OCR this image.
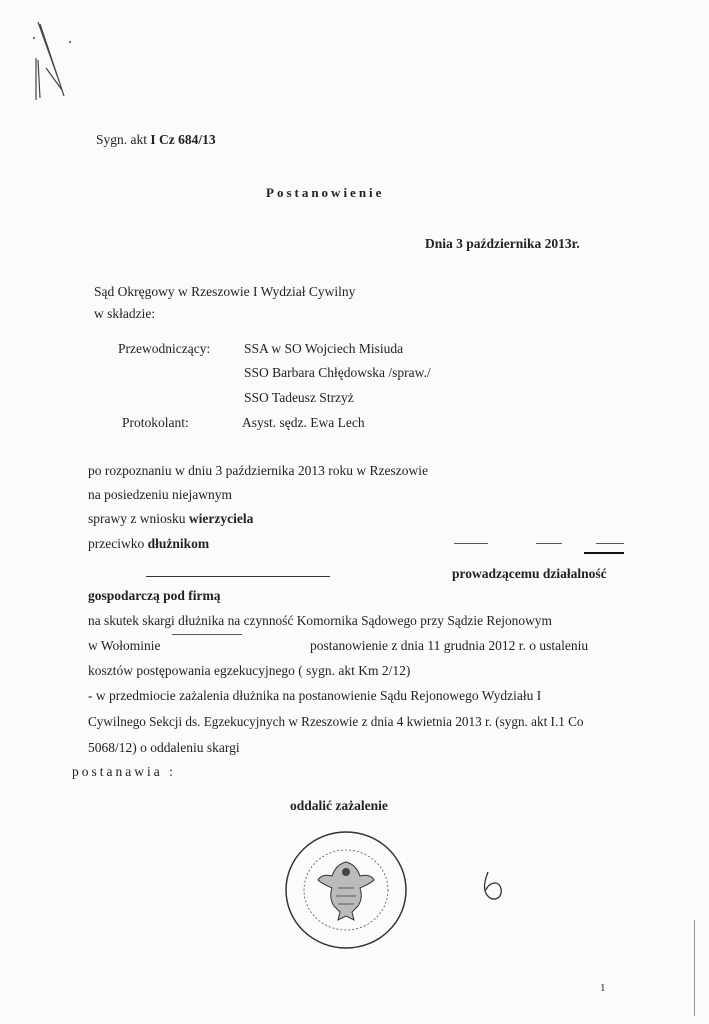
Sygn. akt I Cz 684/13
Postanowienie
Dnia 3 października 2013r.
Sąd Okręgowy w Rzeszowie I Wydział Cywilny
w składzie:
Przewodniczący:	SSA w SO Wojciech Misiuda
SSO Barbara Chłędowska /spraw./
SSO Tadeusz Strzyż
Protokolant:	Asyst. sędz. Ewa Lech
po rozpoznaniu w dniu 3 października 2013 roku w Rzeszowie
na posiedzeniu niejawnym
sprawy z wniosku wierzyciela
przeciwko dłużnikom
prowadzącemu działalność
gospodarczą pod firmą
na skutek skargi dłużnika na czynność Komornika Sądowego przy Sądzie Rejonowym
w Wołominie	postanowienie z dnia 11 grudnia 2012 r. o ustaleniu
kosztów postępowania egzekucyjnego ( sygn. akt Km 2/12)
- w przedmiocie zażalenia dłużnika na postanowienie Sądu Rejonowego Wydziału I
Cywilnego Sekcji ds. Egzekucyjnych w Rzeszowie z dnia 4 kwietnia 2013 r. (sygn. akt I.1 Co
5068/12) o oddaleniu skargi
postanawia :
oddalić zażalenie
1
